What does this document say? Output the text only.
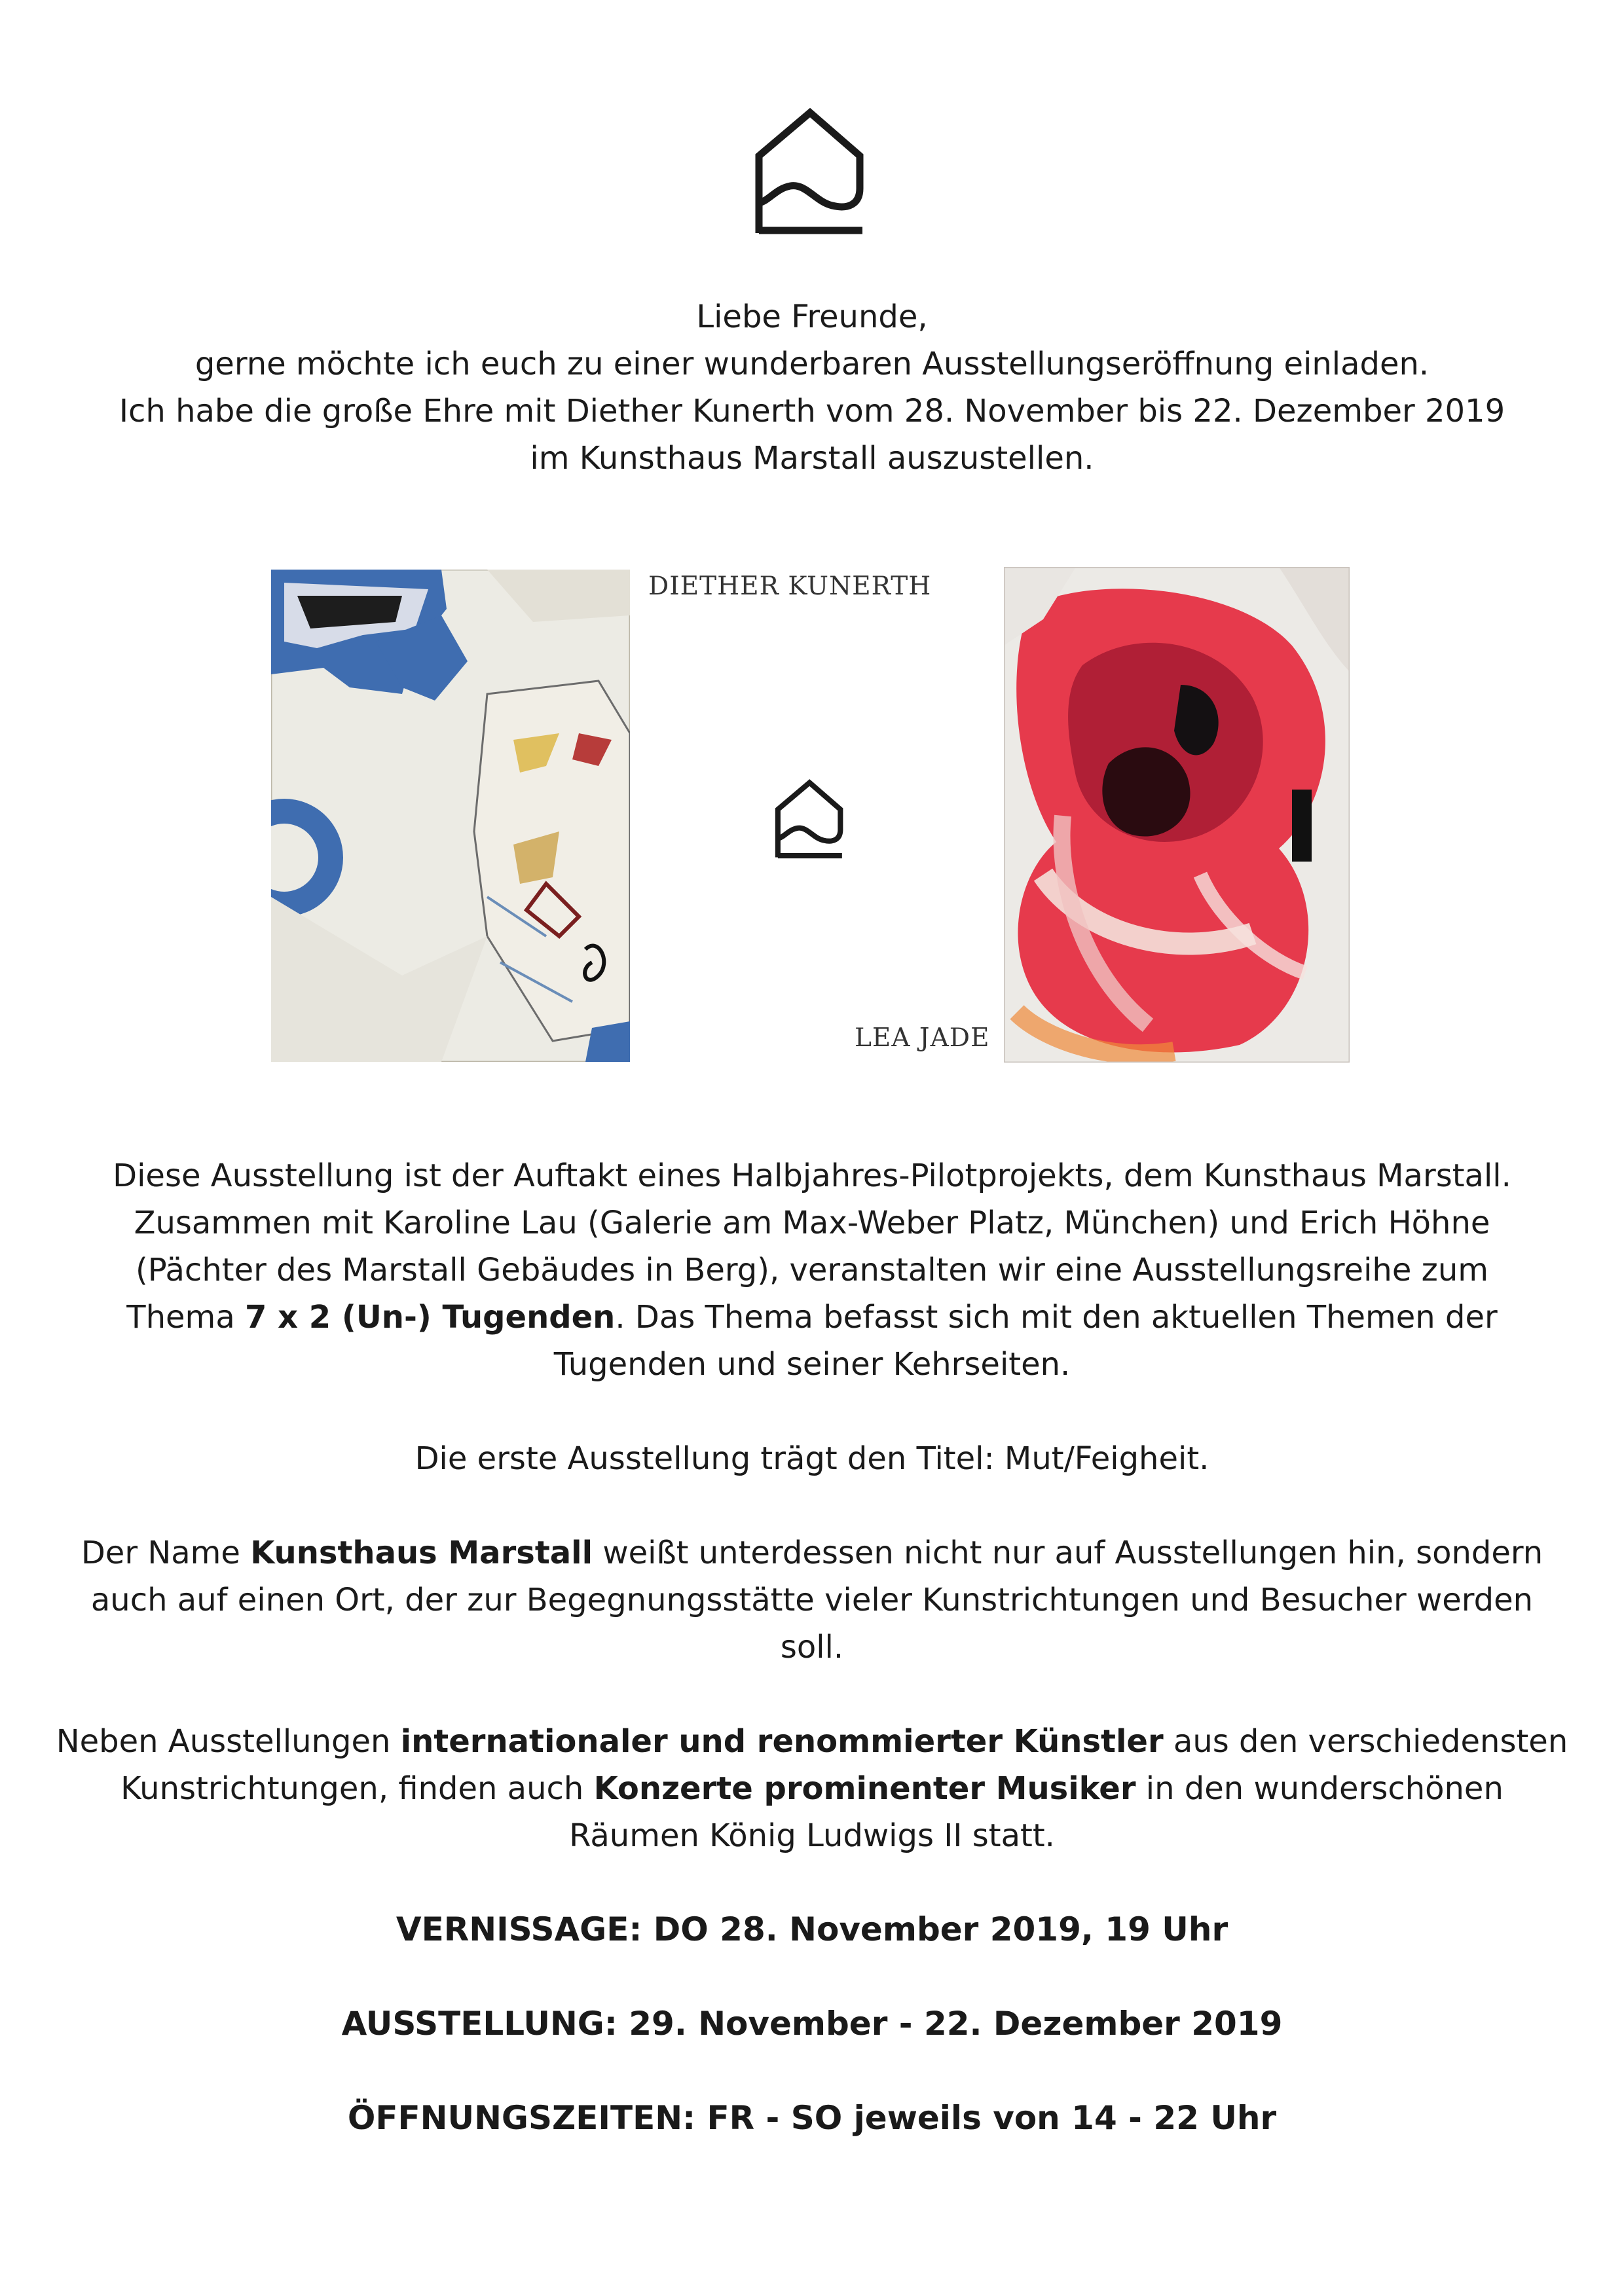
Liebe Freunde,
gerne möchte ich euch zu einer wunderbaren Ausstellungseröffnung einladen.
Ich habe die große Ehre mit Diether Kunerth vom 28. November bis 22. Dezember 2019
im Kunsthaus Marstall auszustellen.
DIETHER KUNERTH
LEA JADE
Diese Ausstellung ist der Auftakt eines Halbjahres-Pilotprojekts, dem Kunsthaus Marstall.
Zusammen mit Karoline Lau (Galerie am Max-Weber Platz, München) und Erich Höhne
(Pächter des Marstall Gebäudes in Berg), veranstalten wir eine Ausstellungsreihe zum
Thema 7 x 2 (Un-) Tugenden. Das Thema befasst sich mit den aktuellen Themen der
Tugenden und seiner Kehrseiten.
Die erste Ausstellung trägt den Titel: Mut/Feigheit.
Der Name Kunsthaus Marstall weißt unterdessen nicht nur auf Ausstellungen hin, sondern
auch auf einen Ort, der zur Begegnungsstätte vieler Kunstrichtungen und Besucher werden
soll.
Neben Ausstellungen internationaler und renommierter Künstler aus den verschiedensten
Kunstrichtungen, finden auch Konzerte prominenter Musiker in den wunderschönen
Räumen König Ludwigs II statt.
VERNISSAGE: DO 28. November 2019, 19 Uhr
AUSSTELLUNG: 29. November - 22. Dezember 2019
ÖFFNUNGSZEITEN: FR - SO jeweils von 14 - 22 Uhr
